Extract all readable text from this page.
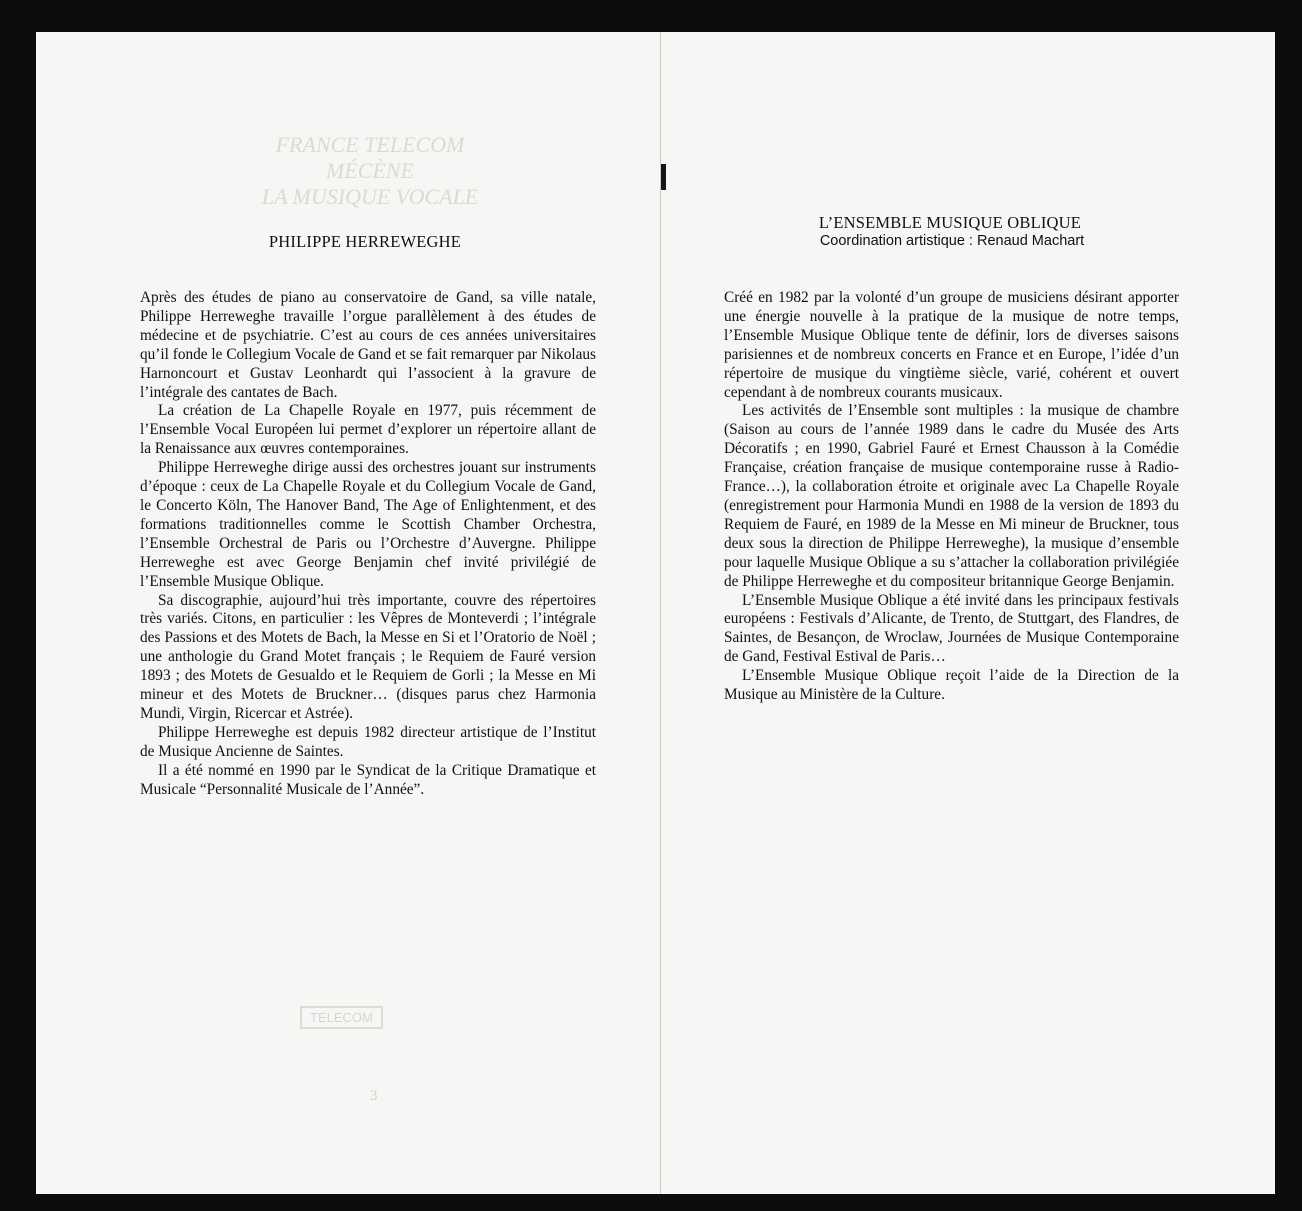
FRANCE TELECOM
MÉCÈNE
LA MUSIQUE VOCALE
TELECOM
3
PHILIPPE HERREWEGHE

Après des études de piano au conservatoire de Gand, sa ville natale, Philippe Herreweghe travaille l’orgue parallèlement à des études de médecine et de psychiatrie. C’est au cours de ces années universitaires qu’il fonde le Collegium Vocale de Gand et se fait remarquer par Nikolaus Harnoncourt et Gustav Leonhardt qui l’associent à la gravure de l’intégrale des cantates de Bach.

La création de La Chapelle Royale en 1977, puis récemment de l’Ensemble Vocal Européen lui permet d’explorer un répertoire allant de la Renaissance aux œuvres contemporaines.

Philippe Herreweghe dirige aussi des orchestres jouant sur instruments d’époque : ceux de La Chapelle Royale et du Collegium Vocale de Gand, le Concerto Köln, The Hanover Band, The Age of Enlightenment, et des formations traditionnelles comme le Scottish Chamber Orchestra, l’Ensemble Orchestral de Paris ou l’Orchestre d’Auvergne. Philippe Herreweghe est avec George Benjamin chef invité privilégié de l’Ensemble Musique Oblique.

Sa discographie, aujourd’hui très importante, couvre des répertoires très variés. Citons, en particulier : les Vêpres de Monteverdi ; l’intégrale des Passions et des Motets de Bach, la Messe en Si et l’Oratorio de Noël ; une anthologie du Grand Motet français ; le Requiem de Fauré version 1893 ; des Motets de Gesualdo et le Requiem de Gorli ; la Messe en Mi mineur et des Motets de Bruckner… (disques parus chez Harmonia Mundi, Virgin, Ricercar et Astrée).

Philippe Herreweghe est depuis 1982 directeur artistique de l’Institut de Musique Ancienne de Saintes.

Il a été nommé en 1990 par le Syndicat de la Critique Dramatique et Musicale “Personnalité Musicale de l’Année”.

L’ENSEMBLE MUSIQUE OBLIQUE
Coordination artistique : Renaud Machart

Créé en 1982 par la volonté d’un groupe de musiciens désirant apporter une énergie nouvelle à la pratique de la musique de notre temps, l’Ensemble Musique Oblique tente de définir, lors de diverses saisons parisiennes et de nombreux concerts en France et en Europe, l’idée d’un répertoire de musique du vingtième siècle, varié, cohérent et ouvert cependant à de nombreux courants musicaux.

Les activités de l’Ensemble sont multiples : la musique de chambre (Saison au cours de l’année 1989 dans le cadre du Musée des Arts Décoratifs ; en 1990, Gabriel Fauré et Ernest Chausson à la Comédie Française, création française de musique contemporaine russe à Radio-France…), la collaboration étroite et originale avec La Chapelle Royale (enregistrement pour Harmonia Mundi en 1988 de la version de 1893 du Requiem de Fauré, en 1989 de la Messe en Mi mineur de Bruckner, tous deux sous la direction de Philippe Herreweghe), la musique d’ensemble pour laquelle Musique Oblique a su s’attacher la collaboration privilégiée de Philippe Herreweghe et du compositeur britannique George Benjamin.

L’Ensemble Musique Oblique a été invité dans les principaux festivals européens : Festivals d’Alicante, de Trento, de Stuttgart, des Flandres, de Saintes, de Besançon, de Wroclaw, Journées de Musique Contemporaine de Gand, Festival Estival de Paris…

L’Ensemble Musique Oblique reçoit l’aide de la Direction de la Musique au Ministère de la Culture.
